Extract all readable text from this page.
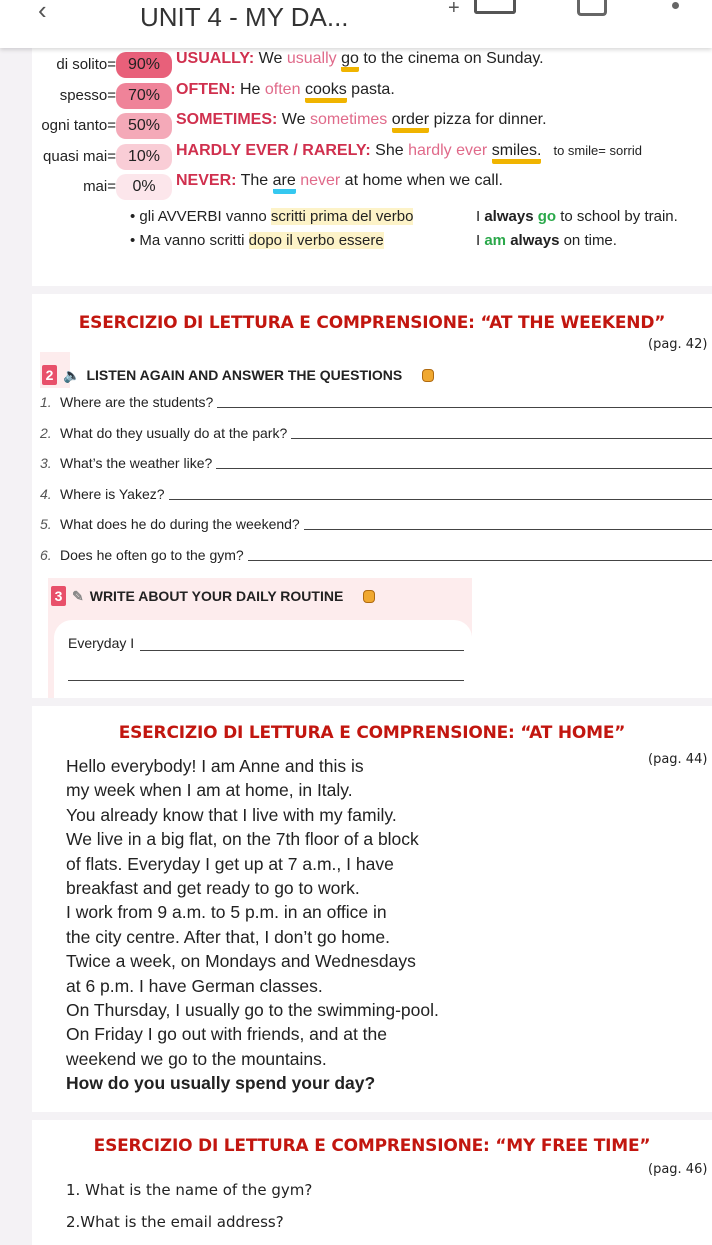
‹	UNIT 4 - MY DA...	+
di solito= 90% USUALLY: We usually go to the cinema on Sunday.
spesso= 70% OFTEN: He often cooks pasta.
ogni tanto= 50% SOMETIMES: We sometimes order pizza for dinner.
quasi mai= 10% HARDLY EVER / RARELY: She hardly ever smiles. to smile= sorrid
mai=	0%	NEVER: The are never at home when we call.
• gli AVVERBI vanno scritti prima del verbo
• Ma vanno scritti dopo il verbo essere
I always go to school by train.
I am always on time.
ESERCIZIO DI LETTURA E COMPRENSIONE: “AT THE WEEKEND”
(pag. 42)
2 🔈 LISTEN AGAIN AND ANSWER THE QUESTIONS
1. Where are the students?
2. What do they usually do at the park?
3. What’s the weather like?
4. Where is Yakez?
5. What does he do during the weekend?
6. Does he often go to the gym?
3 ✎ WRITE ABOUT YOUR DAILY ROUTINE
Everyday I
ESERCIZIO DI LETTURA E COMPRENSIONE: “AT HOME”
(pag. 44)
Hello everybody! I am Anne and this is
my week when I am at home, in Italy.
You already know that I live with my family.
We live in a big flat, on the 7th floor of a block
of flats. Everyday I get up at 7 a.m., I have
breakfast and get ready to go to work.
I work from 9 a.m. to 5 p.m. in an office in
the city centre. After that, I don’t go home.
Twice a week, on Mondays and Wednesdays
at 6 p.m. I have German classes.
On Thursday, I usually go to the swimming-pool.
On Friday I go out with friends, and at the
weekend we go to the mountains.
How do you usually spend your day?
ESERCIZIO DI LETTURA E COMPRENSIONE: “MY FREE TIME”
(pag. 46)
1. What is the name of the gym?
2.What is the email address?
